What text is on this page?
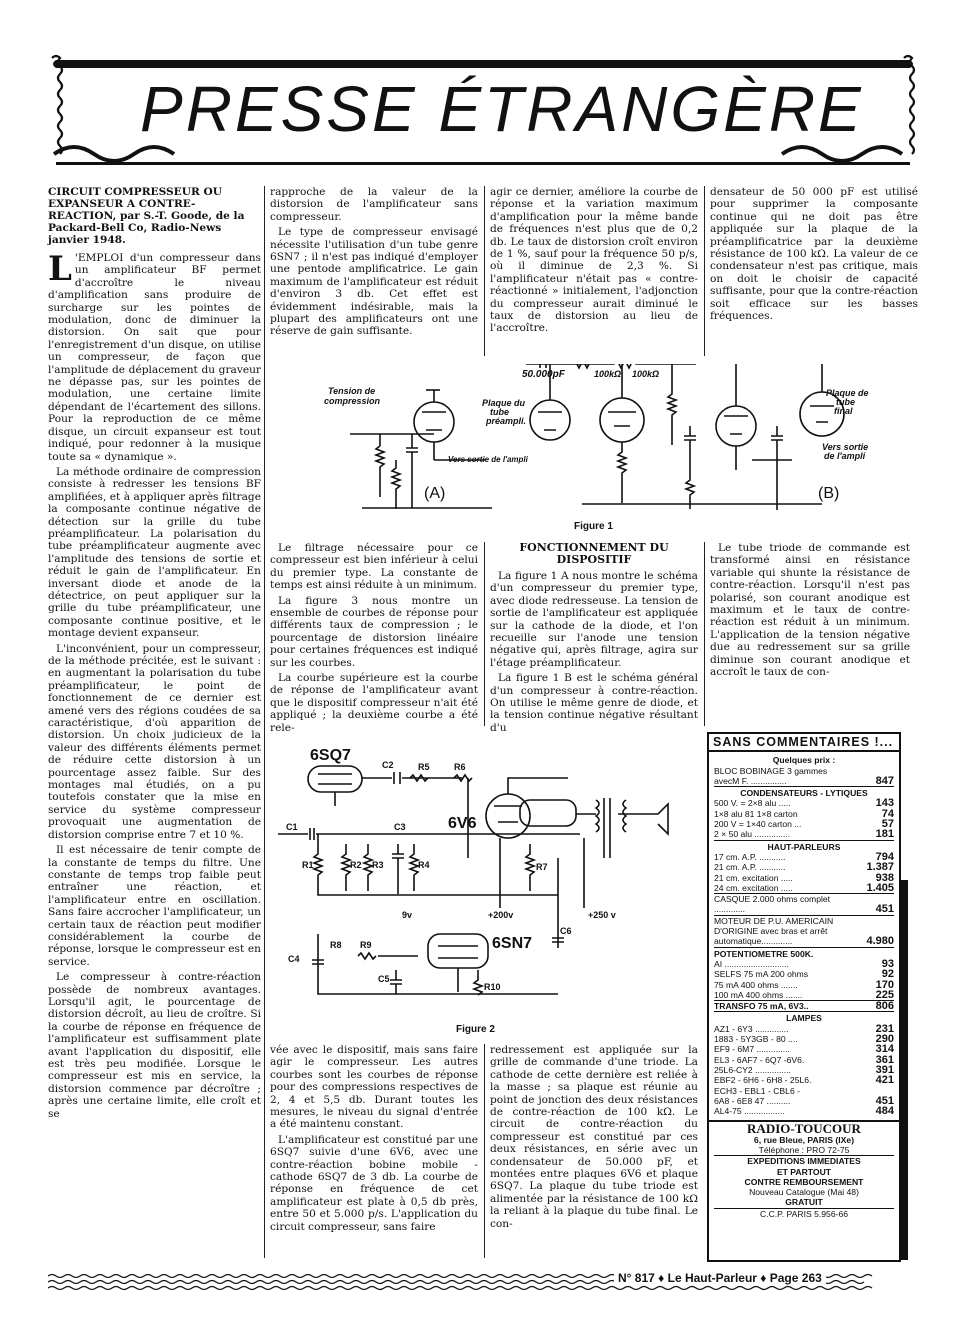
PRESSE ÉTRANGÈRE
CIRCUIT COMPRESSEUR OU EXPANSEUR A CONTRE-REACTION, par S.-T. Goode, de la Packard-Bell Co, Radio-News janvier 1948.

L 'EMPLOI d'un compresseur dans un amplificateur BF permet d'accroître le niveau d'amplification sans produire de surcharge sur les pointes de modulation, donc de diminuer la distorsion. On sait que pour l'enregistrement d'un disque, on utilise un compresseur, de façon que l'amplitude de déplacement du graveur ne dépasse pas, sur les pointes de modulation, une certaine limite dépendant de l'écartement des sillons. Pour la reproduction de ce même disque, un circuit expanseur est tout indiqué, pour redonner à la musique toute sa « dynamique ».

La méthode ordinaire de compression consiste à redresser les tensions BF amplifiées, et à appliquer après filtrage la composante continue négative de détection sur la grille du tube préamplificateur. La polarisation du tube préamplificateur augmente avec l'amplitude des tensions de sortie et réduit le gain de l'amplificateur. En inversant diode et anode de la détectrice, on peut appliquer sur la grille du tube préamplificateur, une composante continue positive, et le montage devient expanseur.

L'inconvénient, pour un compresseur, de la méthode précitée, est le suivant : en augmentant la polarisation du tube préamplificateur, le point de fonctionnement de ce dernier est amené vers des régions coudées de sa caractéristique, d'où apparition de distorsion. Un choix judicieux de la valeur des différents éléments permet de réduire cette distorsion à un pourcentage assez faible. Sur des montages mal étudiés, on a pu toutefois constater que la mise en service du système compresseur provoquait une augmentation de distorsion comprise entre 7 et 10 %.

Il est nécessaire de tenir compte de la constante de temps du filtre. Une constante de temps trop faible peut entraîner une réaction, et l'amplificateur entre en oscillation. Sans faire accrocher l'amplificateur, un certain taux de réaction peut modifier considérablement la courbe de réponse, lorsque le compresseur est en service.

Le compresseur à contre-réaction possède de nombreux avantages. Lorsqu'il agit, le pourcentage de distorsion décroît, au lieu de croître. Si la courbe de réponse en fréquence de l'amplificateur est suffisamment plate avant l'application du dispositif, elle est très peu modifiée. Lorsque le compresseur est mis en service, la distorsion commence par décroître ; après une certaine limite, elle croît et se

rapproche de la valeur de la distorsion de l'amplificateur sans compresseur.

Le type de compresseur envisagé nécessite l'utilisation d'un tube genre 6SN7 ; il n'est pas indiqué d'employer une pentode amplificatrice. Le gain maximum de l'amplificateur est réduit d'environ 3 db. Cet effet est évidemment indésirable, mais la plupart des amplificateurs ont une réserve de gain suffisante.

agir ce dernier, améliore la courbe de réponse et la variation maximum d'amplification pour la même bande de fréquences n'est plus que de 0,2 db. Le taux de distorsion croît environ de 1 %, sauf pour la fréquence 50 p/s, où il diminue de 2,3 %. Si l'amplificateur n'était pas « contre-réactionné » initialement, l'adjonction du compresseur aurait diminué le taux de distorsion au lieu de l'accroître.

densateur de 50 000 pF est utilisé pour supprimer la composante continue qui ne doit pas être appliquée sur la plaque de la préamplificatrice par la deuxième résistance de 100 kΩ. La valeur de ce condensateur n'est pas critique, mais on doit le choisir de capacité suffisante, pour que la contre-réaction soit efficace sur les basses fréquences.

Tension de
compression
Vers sortie de l'ampli
(A)
50.000pF	100kΩ 100kΩ
Plaque du
tube
préampli.
Plaque de
tube
final
Vers sortie
de l'ampli
(B)
Figure 1

Le filtrage nécessaire pour ce compresseur est bien inférieur à celui du premier type. La constante de temps est ainsi réduite à un minimum.

La figure 3 nous montre un ensemble de courbes de réponse pour différents taux de compression ; le pourcentage de distorsion linéaire pour certaines fréquences est indiqué sur les courbes.

La courbe supérieure est la courbe de réponse de l'amplificateur avant que le dispositif compresseur n'ait été appliqué ; la deuxième courbe a été rele-

FONCTIONNEMENT DU DISPOSITIF

La figure 1 A nous montre le schéma d'un compresseur du premier type, avec diode redresseuse. La tension de sortie de l'amplificateur est appliquée sur la cathode de la diode, et l'on recueille sur l'anode une tension négative qui, après filtrage, agira sur l'étage préamplificateur.

La figure 1 B est le schéma général d'un compresseur à contre-réaction. On utilise le même genre de diode, et la tension continue négative résultant d'u

Le tube triode de commande est transformé ainsi en résistance variable qui shunte la résistance de contre-réaction. Lorsqu'il n'est pas polarisé, son courant anodique est maximum et le taux de contre-réaction est réduit à un minimum. L'application de la tension négative due au redressement sur sa grille diminue son courant anodique et accroît le taux de con-

6SQ7
6V6
6SN7
C1
C2
C3
C4
C5
C6
R1	R2 R3	R4
R5	R6
R7
R8 R9
R10
9v	+200v	+250 v
Figure 2

vée avec le dispositif, mais sans faire agir le compresseur. Les autres courbes sont les courbes de réponse pour des compressions respectives de 2, 4 et 5,5 db. Durant toutes les mesures, le niveau du signal d'entrée a été maintenu constant.

L'amplificateur est constitué par une 6SQ7 suivie d'une 6V6, avec une contre-réaction bobine mobile - cathode 6SQ7 de 3 db. La courbe de réponse en fréquence de cet amplificateur est plate à 0,5 db près, entre 50 et 5.000 p/s. L'application du circuit compresseur, sans faire

redressement est appliquée sur la grille de commande d'une triode. La cathode de cette dernière est reliée à la masse ; sa plaque est réunie au point de jonction des deux résistances de contre-réaction de 100 kΩ. Le circuit de contre-réaction du compresseur est constitué par ces deux résistances, en série avec un condensateur de 50.000 pF, et montées entre plaques 6V6 et plaque 6SQ7. La plaque du tube triode est alimentée par la résistance de 100 kΩ la reliant à la plaque du tube final. Le con-

SANS COMMENTAIRES !...
Quelques prix :
BLOC BOBINAGE 3 gammes
avecM F. ...............	847
CONDENSATEURS - LYTIQUES
500 V. = 2×8 alu .....	143
1×8 alu 81 1×8 carton	74
200 V = 1×40 carton ...	57
2 × 50 alu ...............	181
HAUT-PARLEURS
17 cm. A.P. ...........	794
21 cm. A.P. ...........	1.387
21 cm. excitation .....	938
24 cm. excitation .....	1.405
CASQUE 2.000 ohms complet .............	451
MOTEUR DE P.U. AMERICAIN D'ORIGINE avec bras et arrêt automatique.............	4.980
POTENTIOMETRE 500K.
AI ...........................	93
SELFS 75 mA 200 ohms	92
75 mA 400 ohms .......	170
100 mA 400 ohms .......	225
TRANSFO 75 mA, 6V3..	806
LAMPES
AZ1 - 6Y3 ..............	231
1883 - 5Y3GB - 80 ....	290
EF9 - 6M7 ..............	314
EL3 - 6AF7 - 6Q7 -6V6.	361
25L6-CY2 ...............	391
EBF2 - 6H6 - 6H8 - 25L6.	421
ECH3 - EBL1 - CBL6 -
6A8 - 6E8 47 ..........	451
AL4-75 .................	484
RADIO-TOUCOUR
6, rue Bleue, PARIS (IXe)
Téléphone : PRO 72-75
EXPEDITIONS IMMEDIATES
ET PARTOUT
CONTRE REMBOURSEMENT
Nouveau Catalogue (Mai 48)
GRATUIT
C.C.P. PARIS 5.956-66
N° 817 ♦ Le Haut-Parleur ♦ Page 263
